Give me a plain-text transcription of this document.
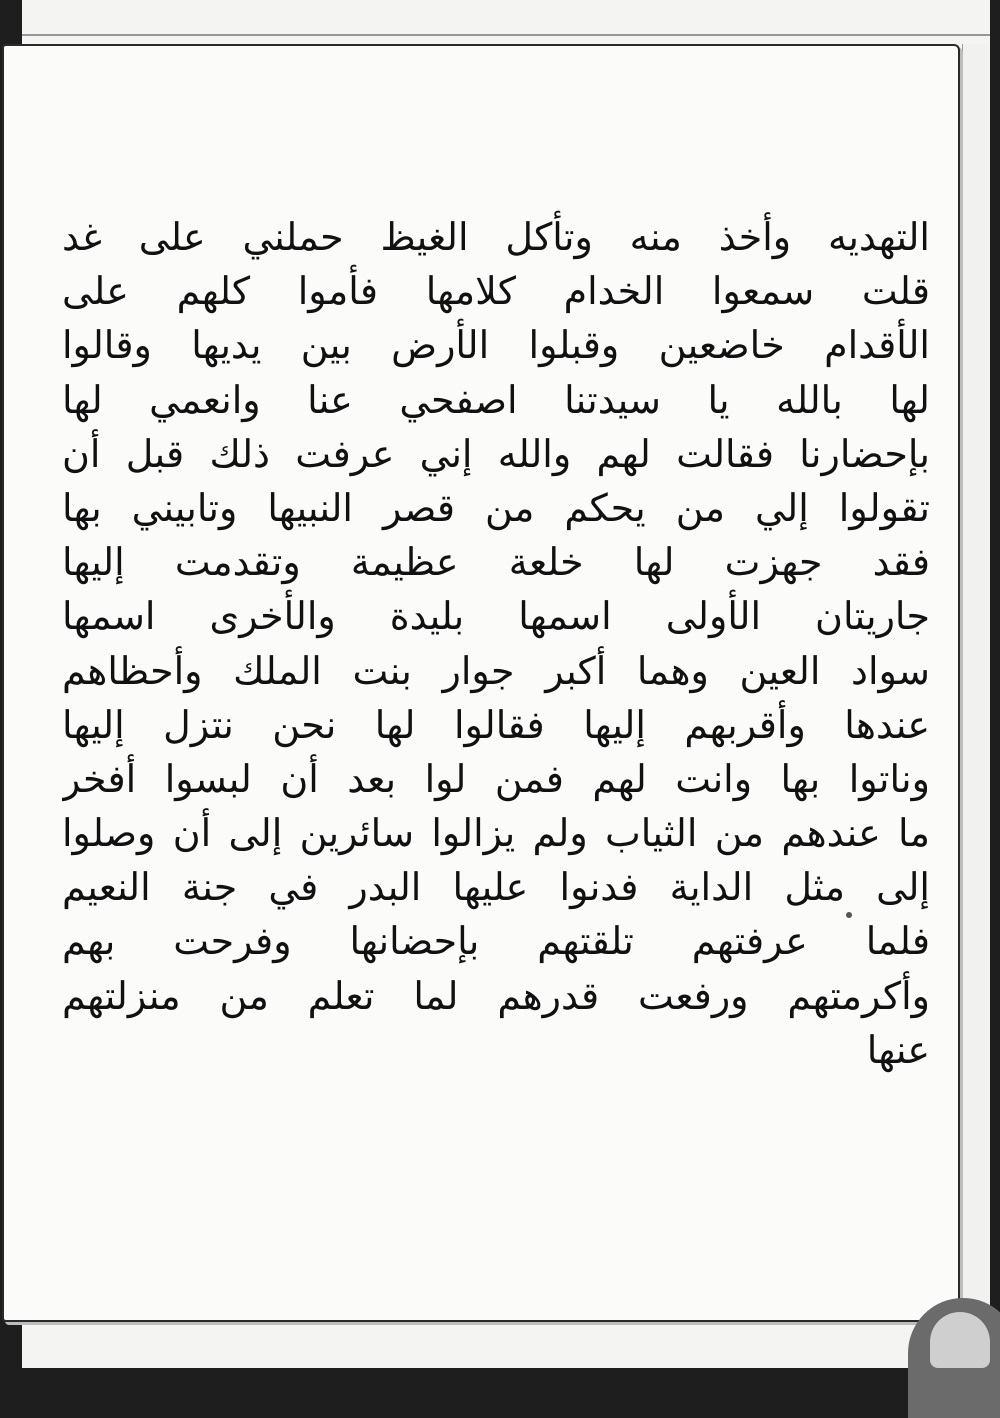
التهديه وأخذ منه وتأكل الغيظ حملني على غد
قلت سمعوا الخدام كلامها فأموا كلهم على
الأقدام خاضعين وقبلوا الأرض بين يديها وقالوا
لها بالله يا سيدتنا اصفحي عنا وانعمي لها
بإحضارنا فقالت لهم والله إني عرفت ذلك قبل أن
تقولوا إلي من يحكم من قصر النبيها وتابيني بها
فقد جهزت لها خلعة عظيمة وتقدمت إليها
جاريتان الأولى اسمها بليدة والأخرى اسمها
سواد العين وهما أكبر جوار بنت الملك وأحظاهم
عندها وأقربهم إليها فقالوا لها نحن نتزل إليها
وناتوا بها وانت لهم فمن لوا بعد أن لبسوا أفخر
ما عندهم من الثياب ولم يزالوا سائرين إلى أن وصلوا
إلى مثل الداية فدنوا عليها البدر في جنة النعيم
فلما عرفتهم تلقتهم بإحضانها وفرحت بهم
وأكرمتهم ورفعت قدرهم لما تعلم من منزلتهم
عنها
